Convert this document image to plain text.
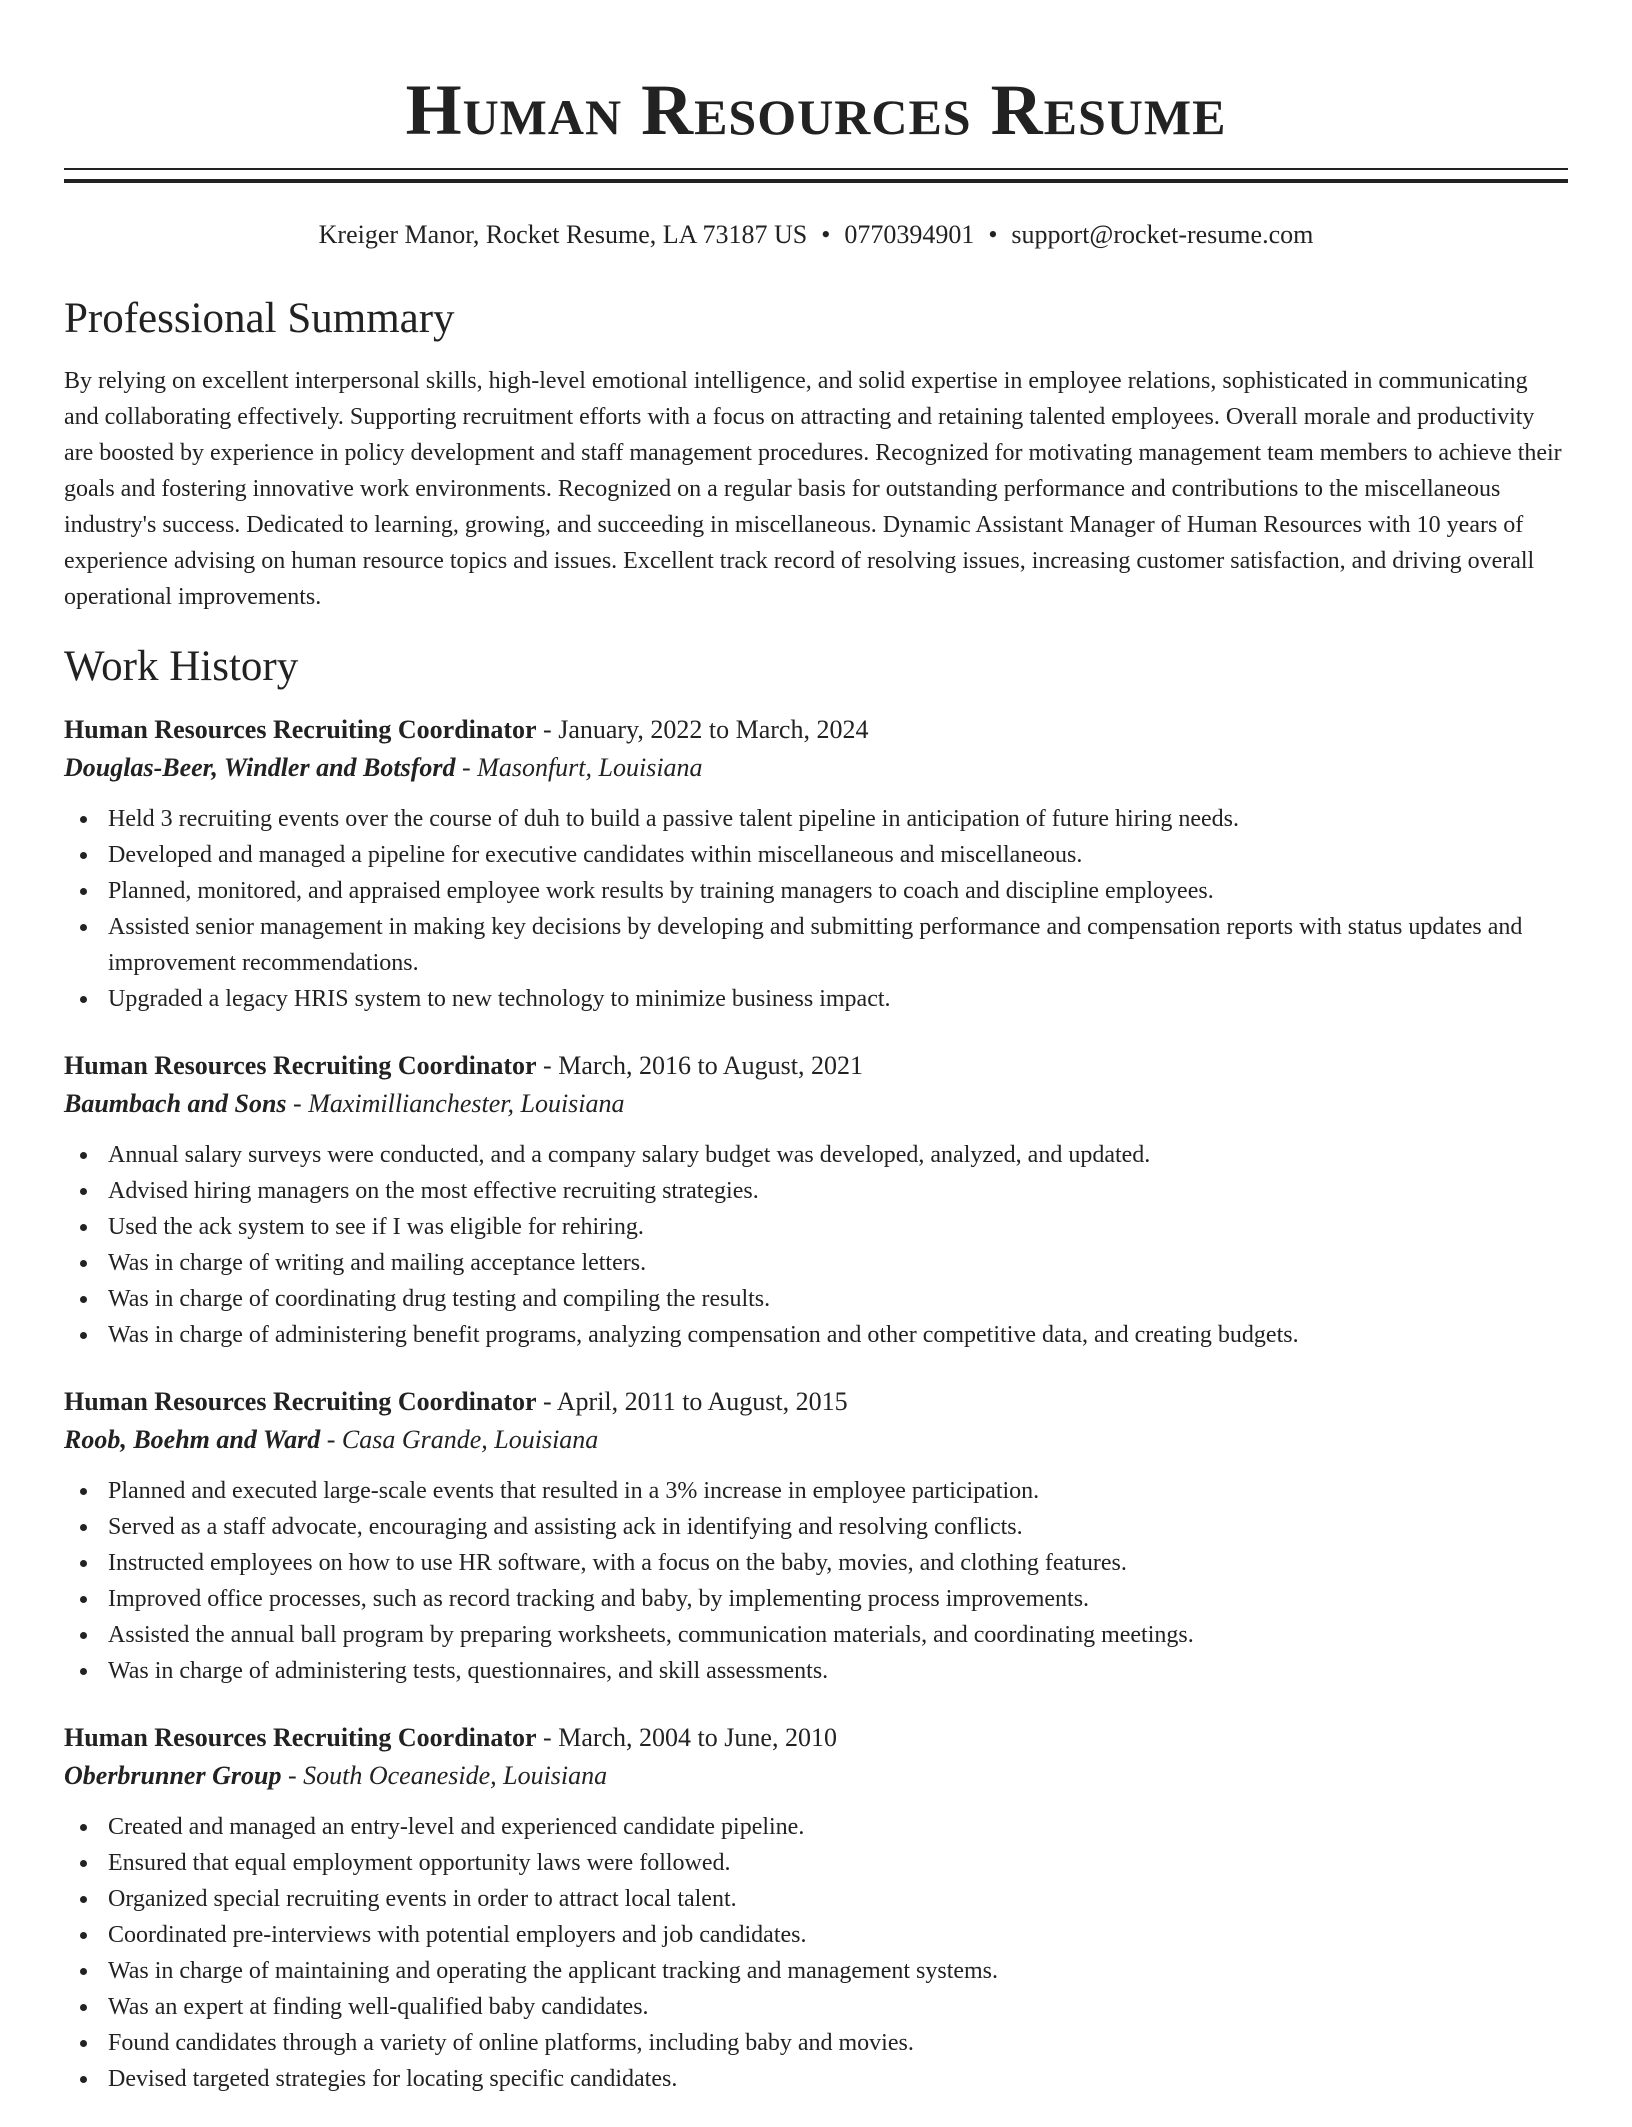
Human Resources Resume
Kreiger Manor, Rocket Resume, LA 73187 US • 0770394901 • support@rocket-resume.com
Professional Summary
By relying on excellent interpersonal skills, high-level emotional intelligence, and solid expertise in employee relations, sophisticated in communicating and collaborating effectively. Supporting recruitment efforts with a focus on attracting and retaining talented employees. Overall morale and productivity are boosted by experience in policy development and staff management procedures. Recognized for motivating management team members to achieve their goals and fostering innovative work environments. Recognized on a regular basis for outstanding performance and contributions to the miscellaneous industry's success. Dedicated to learning, growing, and succeeding in miscellaneous. Dynamic Assistant Manager of Human Resources with 10 years of experience advising on human resource topics and issues. Excellent track record of resolving issues, increasing customer satisfaction, and driving overall operational improvements.
Work History
Human Resources Recruiting Coordinator - January, 2022 to March, 2024
Douglas-Beer, Windler and Botsford - Masonfurt, Louisiana
Held 3 recruiting events over the course of duh to build a passive talent pipeline in anticipation of future hiring needs.
Developed and managed a pipeline for executive candidates within miscellaneous and miscellaneous.
Planned, monitored, and appraised employee work results by training managers to coach and discipline employees.
Assisted senior management in making key decisions by developing and submitting performance and compensation reports with status updates and improvement recommendations.
Upgraded a legacy HRIS system to new technology to minimize business impact.
Human Resources Recruiting Coordinator - March, 2016 to August, 2021
Baumbach and Sons - Maximillianchester, Louisiana
Annual salary surveys were conducted, and a company salary budget was developed, analyzed, and updated.
Advised hiring managers on the most effective recruiting strategies.
Used the ack system to see if I was eligible for rehiring.
Was in charge of writing and mailing acceptance letters.
Was in charge of coordinating drug testing and compiling the results.
Was in charge of administering benefit programs, analyzing compensation and other competitive data, and creating budgets.
Human Resources Recruiting Coordinator - April, 2011 to August, 2015
Roob, Boehm and Ward - Casa Grande, Louisiana
Planned and executed large-scale events that resulted in a 3% increase in employee participation.
Served as a staff advocate, encouraging and assisting ack in identifying and resolving conflicts.
Instructed employees on how to use HR software, with a focus on the baby, movies, and clothing features.
Improved office processes, such as record tracking and baby, by implementing process improvements.
Assisted the annual ball program by preparing worksheets, communication materials, and coordinating meetings.
Was in charge of administering tests, questionnaires, and skill assessments.
Human Resources Recruiting Coordinator - March, 2004 to June, 2010
Oberbrunner Group - South Oceaneside, Louisiana
Created and managed an entry-level and experienced candidate pipeline.
Ensured that equal employment opportunity laws were followed.
Organized special recruiting events in order to attract local talent.
Coordinated pre-interviews with potential employers and job candidates.
Was in charge of maintaining and operating the applicant tracking and management systems.
Was an expert at finding well-qualified baby candidates.
Found candidates through a variety of online platforms, including baby and movies.
Devised targeted strategies for locating specific candidates.
